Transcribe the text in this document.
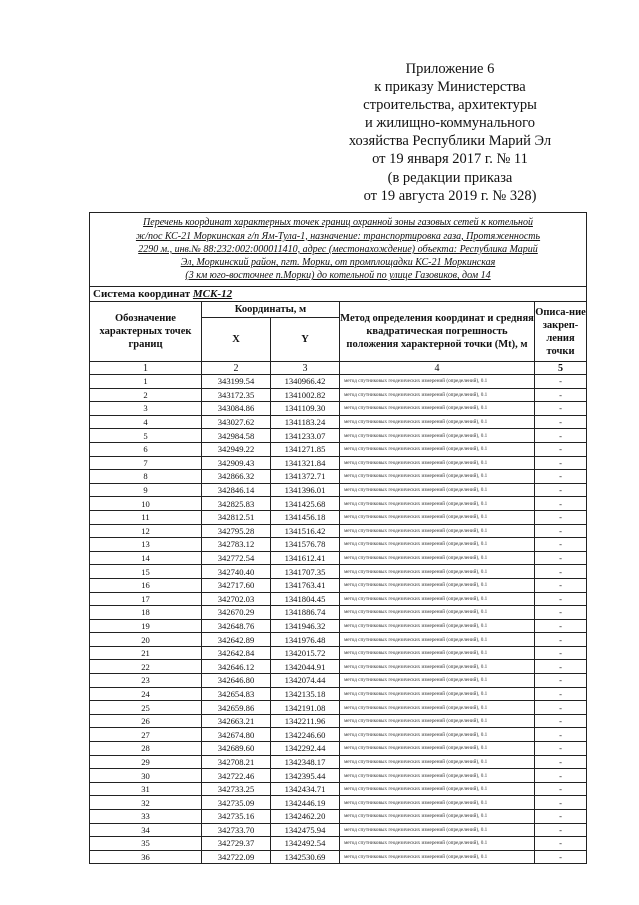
Приложение 6
к приказу Министерства
строительства, архитектуры
и жилищно-коммунального
хозяйства Республики Марий Эл
от 19 января 2017 г. № 11
(в редакции приказа
от 19 августа 2019 г. № 328)
Перечень координат характерных точек границ охранной зоны газовых сетей к котельной
ж/пос КС-21 Моркинская г/п Ям-Тула-1, назначение: транспортировка газа, Протяженность
2290 м., инв.№ 88:232:002:000011410, адрес (местонахождение) объекта: Республика Марий
Эл, Моркинский район, пгт. Морки, от промплощадки КС-21 Моркинская
(3 км юго-восточнее п.Морки) до котельной по улице Газовиков, дом 14				

Система координат МСК-12				
Обозначение характерных точек границ	Координаты, м		Метод определения координат и средняя квадратическая погрешность положения характерной точки (Mt), м	Описа-ние закреп-ления точки
	X	Y		
1	2	3	4	5
1	343199.54	1340966.42	метод спутниковых геодезических измерений (определений), 0.1	-
2	343172.35	1341002.82	метод спутниковых геодезических измерений (определений), 0.1	-
3	343084.86	1341109.30	метод спутниковых геодезических измерений (определений), 0.1	-
4	343027.62	1341183.24	метод спутниковых геодезических измерений (определений), 0.1	-
5	342984.58	1341233.07	метод спутниковых геодезических измерений (определений), 0.1	-
6	342949.22	1341271.85	метод спутниковых геодезических измерений (определений), 0.1	-
7	342909.43	1341321.84	метод спутниковых геодезических измерений (определений), 0.1	-
8	342866.32	1341372.71	метод спутниковых геодезических измерений (определений), 0.1	-
9	342846.14	1341396.01	метод спутниковых геодезических измерений (определений), 0.1	-
10	342825.83	1341425.68	метод спутниковых геодезических измерений (определений), 0.1	-
11	342812.51	1341456.18	метод спутниковых геодезических измерений (определений), 0.1	-
12	342795.28	1341516.42	метод спутниковых геодезических измерений (определений), 0.1	-
13	342783.12	1341576.78	метод спутниковых геодезических измерений (определений), 0.1	-
14	342772.54	1341612.41	метод спутниковых геодезических измерений (определений), 0.1	-
15	342740.40	1341707.35	метод спутниковых геодезических измерений (определений), 0.1	-
16	342717.60	1341763.41	метод спутниковых геодезических измерений (определений), 0.1	-
17	342702.03	1341804.45	метод спутниковых геодезических измерений (определений), 0.1	-
18	342670.29	1341886.74	метод спутниковых геодезических измерений (определений), 0.1	-
19	342648.76	1341946.32	метод спутниковых геодезических измерений (определений), 0.1	-
20	342642.89	1341976.48	метод спутниковых геодезических измерений (определений), 0.1	-
21	342642.84	1342015.72	метод спутниковых геодезических измерений (определений), 0.1	-
22	342646.12	1342044.91	метод спутниковых геодезических измерений (определений), 0.1	-
23	342646.80	1342074.44	метод спутниковых геодезических измерений (определений), 0.1	-
24	342654.83	1342135.18	метод спутниковых геодезических измерений (определений), 0.1	-
25	342659.86	1342191.08	метод спутниковых геодезических измерений (определений), 0.1	-
26	342663.21	1342211.96	метод спутниковых геодезических измерений (определений), 0.1	-
27	342674.80	1342246.60	метод спутниковых геодезических измерений (определений), 0.1	-
28	342689.60	1342292.44	метод спутниковых геодезических измерений (определений), 0.1	-
29	342708.21	1342348.17	метод спутниковых геодезических измерений (определений), 0.1	-
30	342722.46	1342395.44	метод спутниковых геодезических измерений (определений), 0.1	-
31	342733.25	1342434.71	метод спутниковых геодезических измерений (определений), 0.1	-
32	342735.09	1342446.19	метод спутниковых геодезических измерений (определений), 0.1	-
33	342735.16	1342462.20	метод спутниковых геодезических измерений (определений), 0.1	-
34	342733.70	1342475.94	метод спутниковых геодезических измерений (определений), 0.1	-
35	342729.37	1342492.54	метод спутниковых геодезических измерений (определений), 0.1	-
36	342722.09	1342530.69	метод спутниковых геодезических измерений (определений), 0.1	-
